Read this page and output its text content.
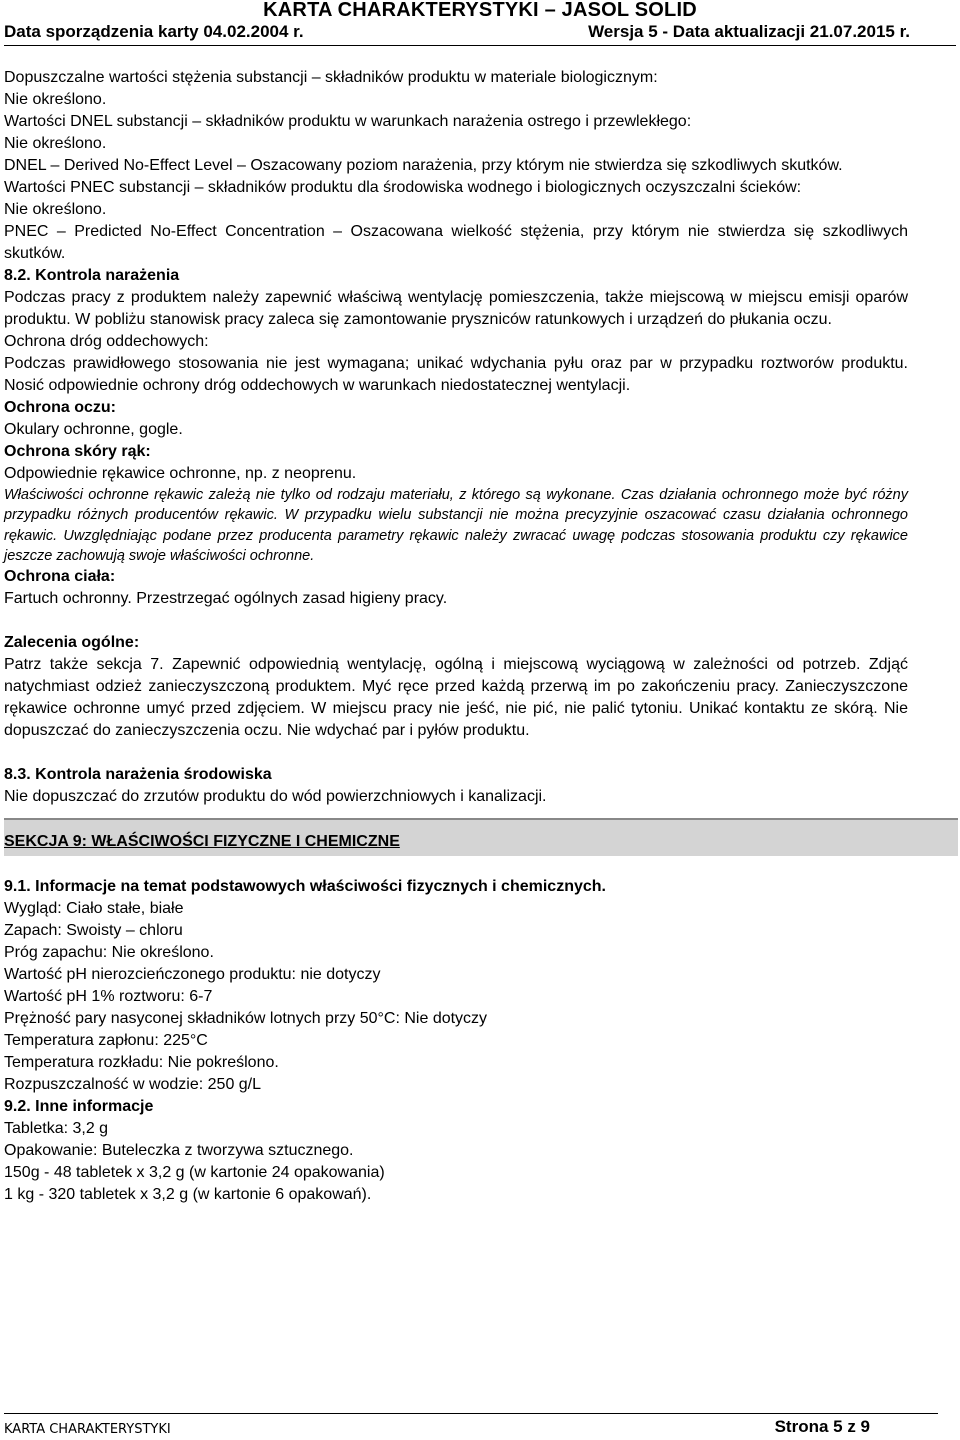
KARTA CHARAKTERYSTYKI – JASOL SOLID
Data sporządzenia karty 04.02.2004 r.	Wersja 5 - Data aktualizacji 21.07.2015 r.

Dopuszczalne wartości stężenia substancji – składników produktu w materiale biologicznym:

Nie określono.

Wartości DNEL substancji – składników produktu w warunkach narażenia ostrego i przewlekłego:

Nie określono.

DNEL – Derived No-Effect Level – Oszacowany poziom narażenia, przy którym nie stwierdza się szkodliwych skutków.

Wartości PNEC substancji – składników produktu dla środowiska wodnego i biologicznych oczyszczalni ścieków:

Nie określono.

PNEC – Predicted No-Effect Concentration – Oszacowana wielkość stężenia, przy którym nie stwierdza się szkodliwych skutków.

8.2. Kontrola narażenia

Podczas pracy z produktem należy zapewnić właściwą wentylację pomieszczenia, także miejscową w miejscu emisji oparów produktu. W pobliżu stanowisk pracy zaleca się zamontowanie pryszniców ratunkowych i urządzeń do płukania oczu.

Ochrona dróg oddechowych:

Podczas prawidłowego stosowania nie jest wymagana; unikać wdychania pyłu oraz par w przypadku roztworów produktu. Nosić odpowiednie ochrony dróg oddechowych w warunkach niedostatecznej wentylacji.

Ochrona oczu:

Okulary ochronne, gogle.

Ochrona skóry rąk:

Odpowiednie rękawice ochronne, np. z neoprenu.

Właściwości ochronne rękawic zależą nie tylko od rodzaju materiału, z którego są wykonane. Czas działania ochronnego może być różny przypadku różnych producentów rękawic. W przypadku wielu substancji nie można precyzyjnie oszacować czasu działania ochronnego rękawic. Uwzględniając podane przez producenta parametry rękawic należy zwracać uwagę podczas stosowania produktu czy rękawice jeszcze zachowują swoje właściwości ochronne.

Ochrona ciała:

Fartuch ochronny. Przestrzegać ogólnych zasad higieny pracy.

Zalecenia ogólne:

Patrz także sekcja 7. Zapewnić odpowiednią wentylację, ogólną i miejscową wyciągową w zależności od potrzeb. Zdjąć natychmiast odzież zanieczyszczoną produktem. Myć ręce przed każdą przerwą im po zakończeniu pracy. Zanieczyszczone rękawice ochronne umyć przed zdjęciem. W miejscu pracy nie jeść, nie pić, nie palić tytoniu. Unikać kontaktu ze skórą. Nie dopuszczać do zanieczyszczenia oczu. Nie wdychać par i pyłów produktu.

8.3. Kontrola narażenia środowiska

Nie dopuszczać do zrzutów produktu do wód powierzchniowych i kanalizacji.

SEKCJA 9: WŁAŚCIWOŚCI FIZYCZNE I CHEMICZNE

9.1. Informacje na temat podstawowych właściwości fizycznych i chemicznych.

Wygląd: Ciało stałe, białe

Zapach: Swoisty – chloru

Próg zapachu: Nie określono.

Wartość pH nierozcieńczonego produktu: nie dotyczy

Wartość pH 1% roztworu: 6-7

Prężność pary nasyconej składników lotnych przy 50°C: Nie dotyczy

Temperatura zapłonu: 225°C

Temperatura rozkładu: Nie pokreślono.

Rozpuszczalność w wodzie: 250 g/L

9.2. Inne informacje

Tabletka: 3,2 g

Opakowanie: Buteleczka z tworzywa sztucznego.

150g - 48 tabletek x 3,2 g (w kartonie 24 opakowania)

1 kg - 320 tabletek x 3,2 g (w kartonie 6 opakowań).

KARTA CHARAKTERYSTYKI	Strona 5 z 9
